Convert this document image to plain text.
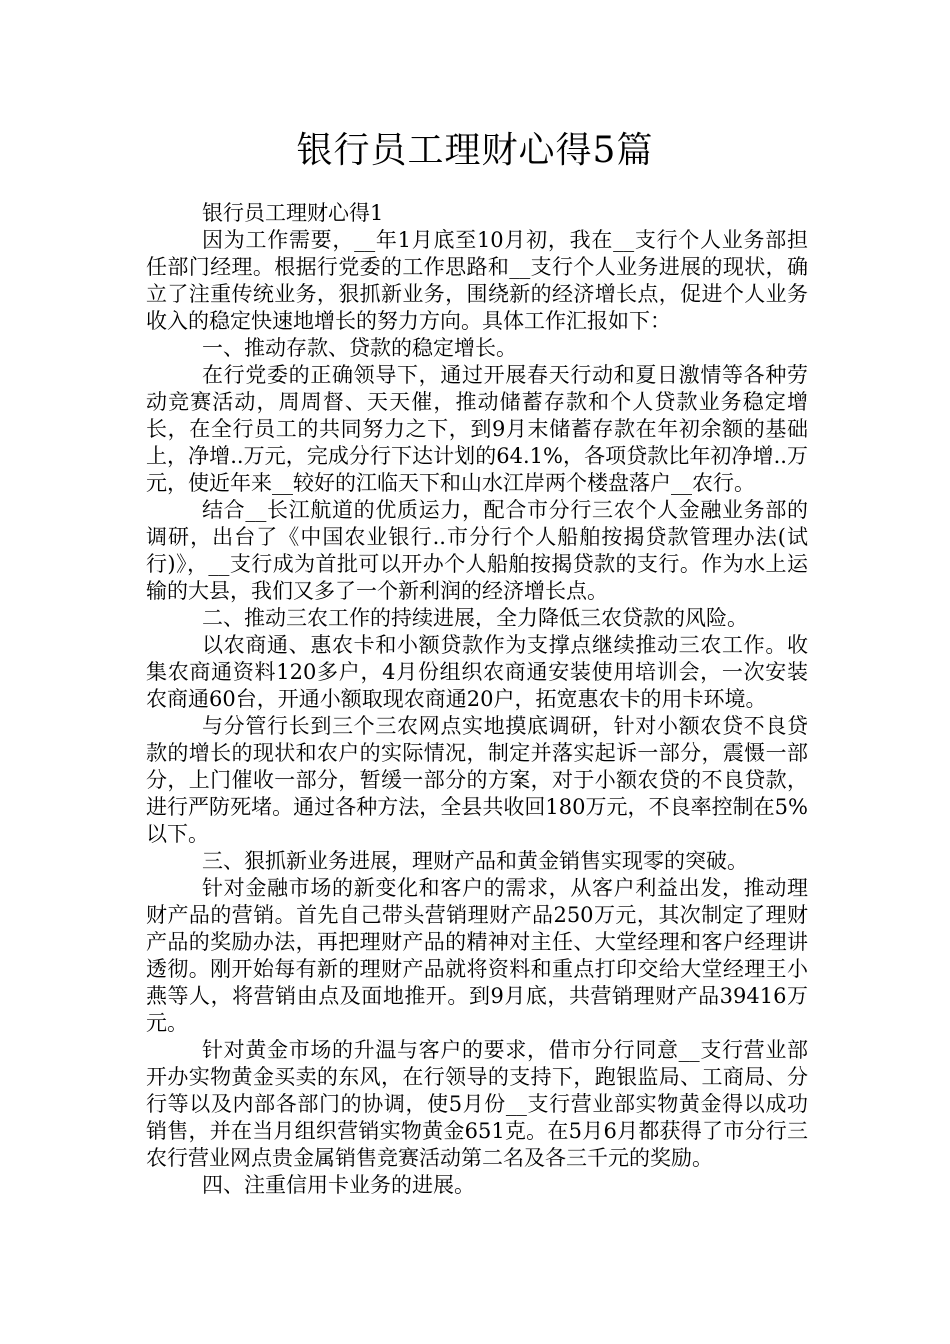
银行员工理财心得5篇

银行员工理财心得1

因为工作需要，__年1月底至10月初，我在__支行个人业务部担任部门经理。根据行党委的工作思路和__支行个人业务进展的现状，确立了注重传统业务，狠抓新业务，围绕新的经济增长点，促进个人业务收入的稳定快速地增长的努力方向。具体工作汇报如下：

一、推动存款、贷款的稳定增长。

在行党委的正确领导下，通过开展春天行动和夏日激情等各种劳动竞赛活动，周周督、天天催，推动储蓄存款和个人贷款业务稳定增长，在全行员工的共同努力之下，到9月末储蓄存款在年初余额的基础上，净增..万元，完成分行下达计划的64.1%，各项贷款比年初净增..万元，使近年来__较好的江临天下和山水江岸两个楼盘落户__农行。

结合__长江航道的优质运力，配合市分行三农个人金融业务部的调研，出台了《中国农业银行..市分行个人船舶按揭贷款管理办法(试行)》，__支行成为首批可以开办个人船舶按揭贷款的支行。作为水上运输的大县，我们又多了一个新利润的经济增长点。

二、推动三农工作的持续进展，全力降低三农贷款的风险。

以农商通、惠农卡和小额贷款作为支撑点继续推动三农工作。收集农商通资料120多户，4月份组织农商通安装使用培训会，一次安装农商通60台，开通小额取现农商通20户，拓宽惠农卡的用卡环境。

与分管行长到三个三农网点实地摸底调研，针对小额农贷不良贷款的增长的现状和农户的实际情况，制定并落实起诉一部分，震慑一部分，上门催收一部分，暂缓一部分的方案，对于小额农贷的不良贷款，进行严防死堵。通过各种方法，全县共收回180万元，不良率控制在5%以下。

三、狠抓新业务进展，理财产品和黄金销售实现零的突破。

针对金融市场的新变化和客户的需求，从客户利益出发，推动理财产品的营销。首先自己带头营销理财产品250万元，其次制定了理财产品的奖励办法，再把理财产品的精神对主任、大堂经理和客户经理讲透彻。刚开始每有新的理财产品就将资料和重点打印交给大堂经理王小燕等人，将营销由点及面地推开。到9月底，共营销理财产品39416万元。

针对黄金市场的升温与客户的要求，借市分行同意__支行营业部开办实物黄金买卖的东风，在行领导的支持下，跑银监局、工商局、分行等以及内部各部门的协调，使5月份__支行营业部实物黄金得以成功销售，并在当月组织营销实物黄金651克。在5月6月都获得了市分行三农行营业网点贵金属销售竞赛活动第二名及各三千元的奖励。

四、注重信用卡业务的进展。
